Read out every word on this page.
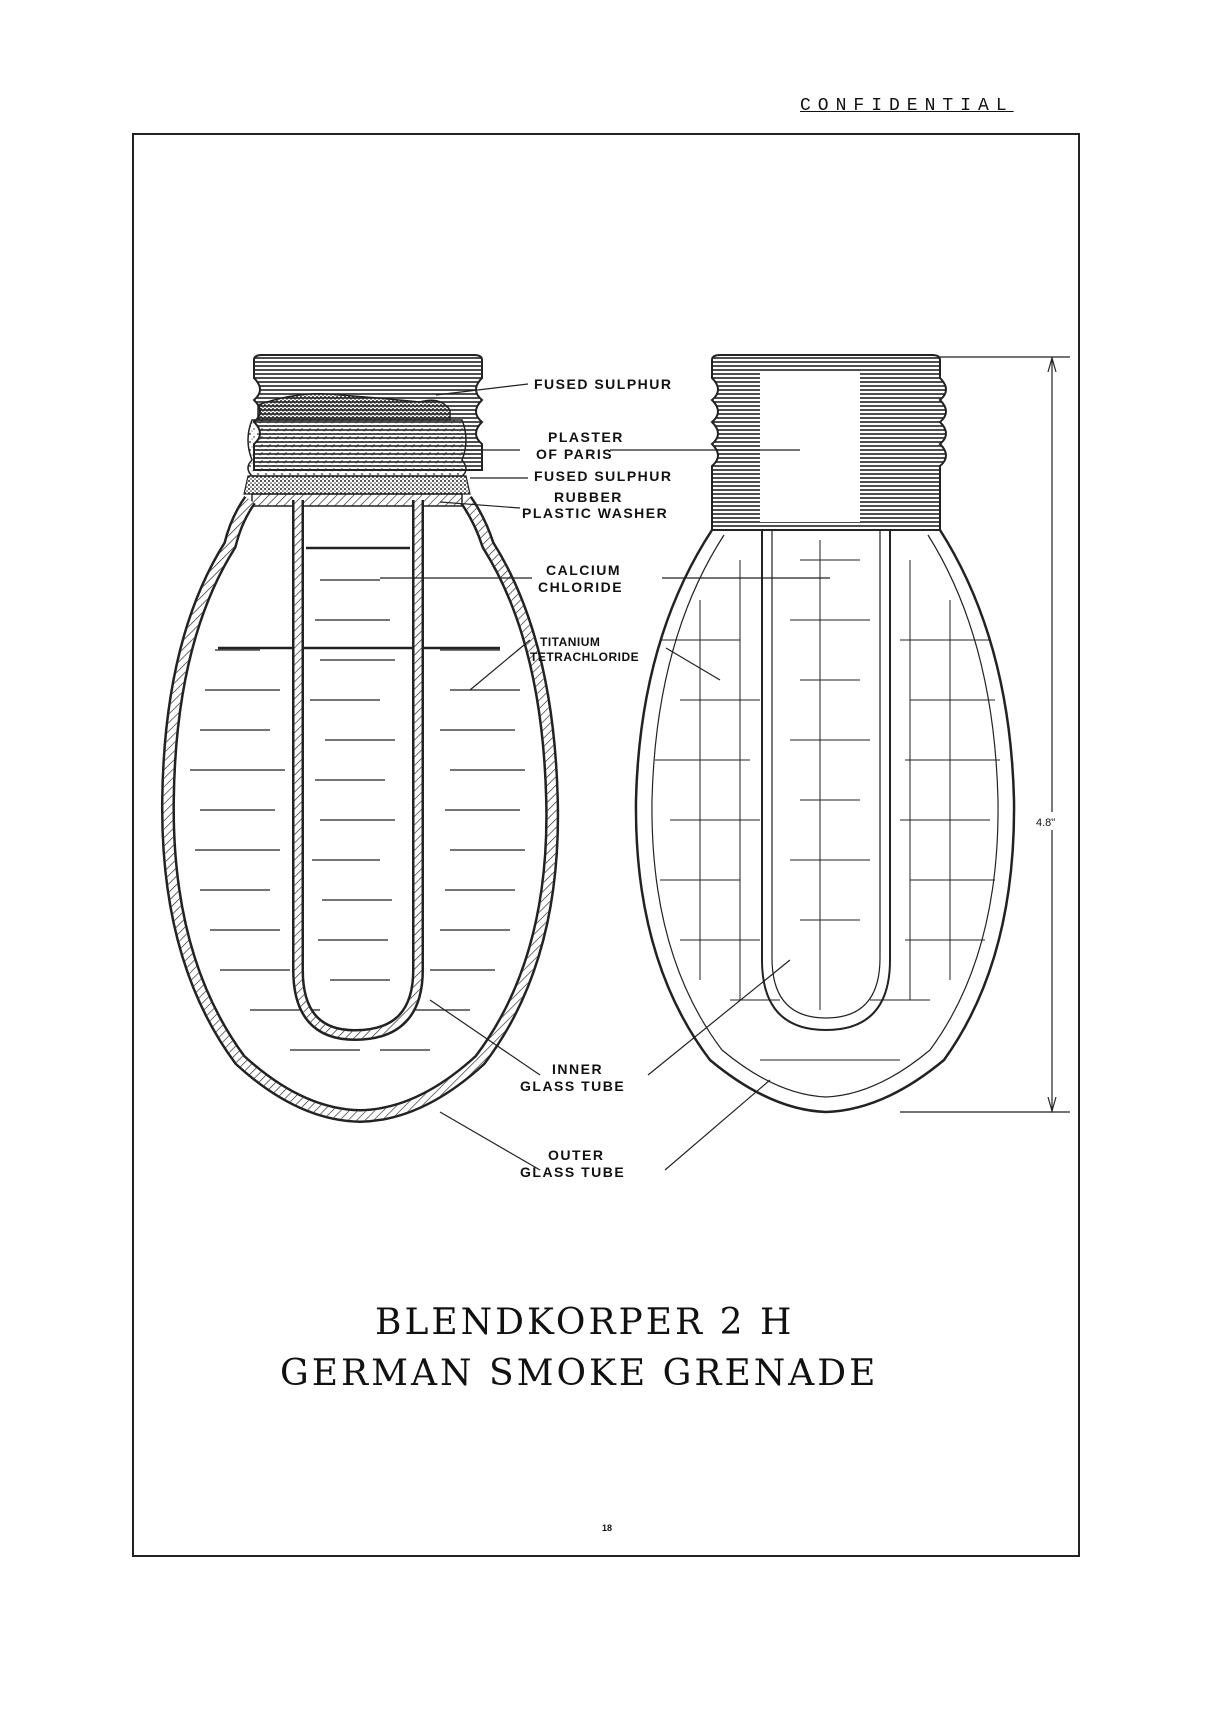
CONFIDENTIAL
4.8"
FUSED SULPHUR
PLASTER
OF PARIS
FUSED SULPHUR
RUBBER
PLASTIC WASHER
CALCIUM
CHLORIDE
TITANIUM
TETRACHLORIDE
INNER
GLASS TUBE
OUTER
GLASS TUBE
BLENDKORPER 2 H
GERMAN SMOKE GRENADE
18
